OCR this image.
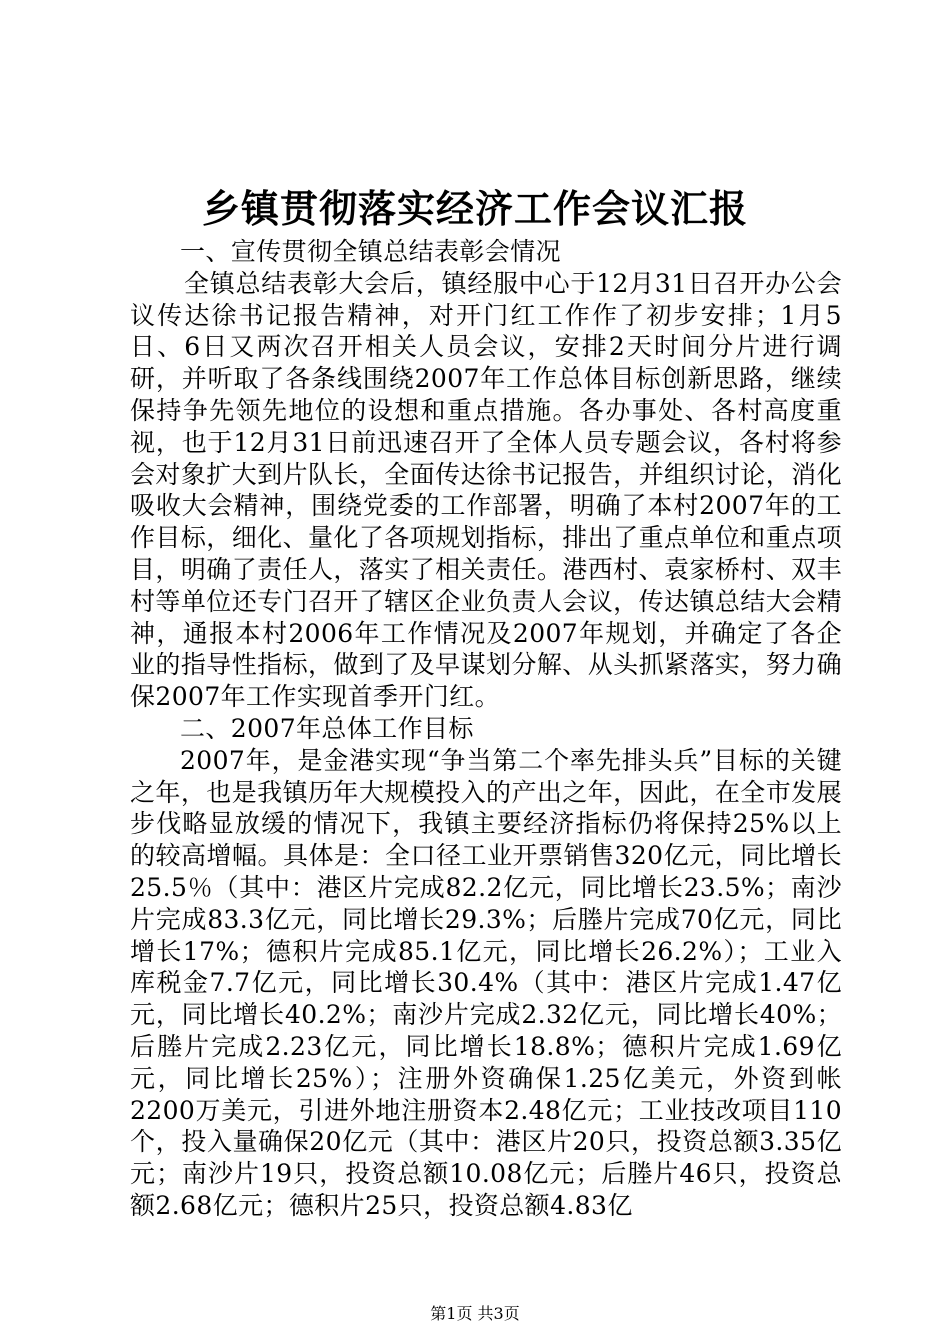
乡镇贯彻落实经济工作会议汇报

一、宣传贯彻全镇总结表彰会情况

全镇总结表彰大会后，镇经服中心于12月31日召开办公会议传达徐书记报告精神，对开门红工作作了初步安排；1月5日、6日又两次召开相关人员会议，安排2天时间分片进行调研，并听取了各条线围绕2007年工作总体目标创新思路，继续保持争先领先地位的设想和重点措施。各办事处、各村高度重视，也于12月31日前迅速召开了全体人员专题会议，各村将参会对象扩大到片队长，全面传达徐书记报告，并组织讨论，消化吸收大会精神，围绕党委的工作部署，明确了本村2007年的工作目标，细化、量化了各项规划指标，排出了重点单位和重点项目，明确了责任人，落实了相关责任。港西村、袁家桥村、双丰村等单位还专门召开了辖区企业负责人会议，传达镇总结大会精神，通报本村2006年工作情况及2007年规划，并确定了各企业的指导性指标，做到了及早谋划分解、从头抓紧落实，努力确保2007年工作实现首季开门红。

二、2007年总体工作目标

2007年，是金港实现“争当第二个率先排头兵”目标的关键之年，也是我镇历年大规模投入的产出之年，因此，在全市发展步伐略显放缓的情况下，我镇主要经济指标仍将保持25%以上的较高增幅。具体是：全口径工业开票销售320亿元，同比增长25.5％（其中：港区片完成82.2亿元，同比增长23.5%；南沙片完成83.3亿元，同比增长29.3%；后塍片完成70亿元，同比增长17%；德积片完成85.1亿元，同比增长26.2%）；工业入库税金7.7亿元，同比增长30.4%（其中：港区片完成1.47亿元，同比增长40.2%；南沙片完成2.32亿元，同比增长40%；后塍片完成2.23亿元，同比增长18.8%；德积片完成1.69亿元，同比增长25%）；注册外资确保1.25亿美元，外资到帐2200万美元，引进外地注册资本2.48亿元；工业技改项目110个，投入量确保20亿元（其中：港区片20只，投资总额3.35亿元；南沙片19只，投资总额10.08亿元；后塍片46只，投资总额2.68亿元；德积片25只，投资总额4.83亿

第1页 共3页
